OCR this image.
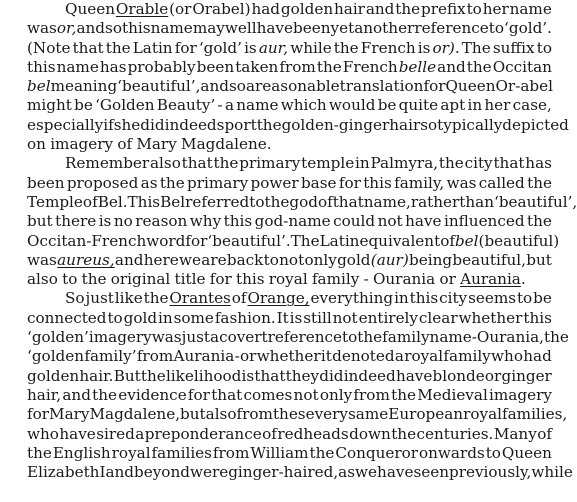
Queen Orable (or Orabel) had golden hair and the prefix to her name
was or, and so this name may well have been yet another reference to ‘gold’.
(Note that the Latin for ‘gold’ is aur, while the French is or). The suffix to
this name has probably been taken from the French belle and the Occitan
bel meaning ‘beautiful’, and so a reasonable translation for Queen Or-abel
might be ‘Golden Beauty’ - a name which would be quite apt in her case,
especially if she did indeed sport the golden-ginger hair so typically depicted
on imagery of Mary Magdalene.
Remember also that the primary temple in Palmyra, the city that has
been proposed as the primary power base for this family, was called the
Temple of Bel. This Bel referred to the god of that name, rather than ‘beautiful’,
but there is no reason why this god-name could not have influenced the
Occitan-French word for ‘beautiful’. The Latin equivalent of bel (beautiful)
was aureus, and here we are back to not only gold (aur) being beautiful, but
also to the original title for this royal family - Ourania or Aurania .
So just like the Orantes of Orange, everything in this city seems to be
connected to gold in some fashion. It is still not entirely clear whether this
‘golden’ imagery was just a covert reference to the family name - Ourania, the
‘golden family’ from Aurania - or whether it denoted a royal family who had
golden hair. But the likelihood is that they did indeed have blonde or ginger
hair, and the evidence for that comes not only from the Medieval imagery
for Mary Magdalene, but also from these very same European royal families,
who have sired a preponderance of redheads down the centuries. Many of
the English royal families from William the Conqueror onwards to Queen
Elizabeth I and beyond were ginger-haired, as we have seen previously, while
